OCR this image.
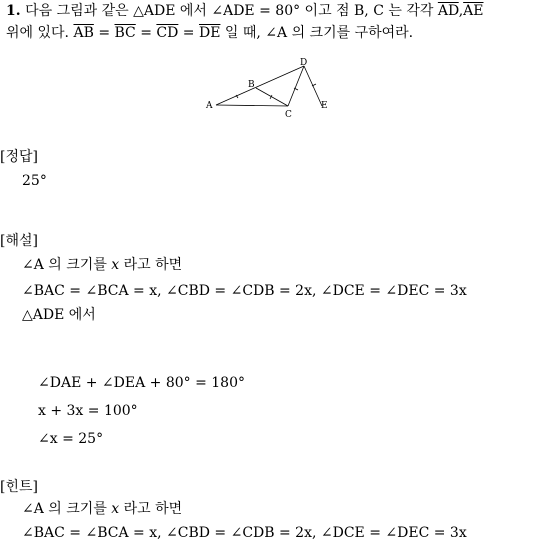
1. 다음 그림과 같은 △ADE 에서 ∠ADE = 80° 이고 점 B, C 는 각각 $\overline{AD},\overline{AE}$
위에 있다. $\overline{AB} = \overline{BC} = \overline{CD} = \overline{DE}$ 일 때, ∠A 의 크기를 구하여라.
A
B
C
D
E
[정답]
25°
[해설]
∠A 의 크기를 x 라고 하면
∠BAC = ∠BCA = x, ∠CBD = ∠CDB = 2x, ∠DCE = ∠DEC = 3x
△ADE 에서
∠DAE + ∠DEA + 80° = 180°
x + 3x = 100°
∠x = 25°
[힌트]
∠A 의 크기를 x 라고 하면
∠BAC = ∠BCA = x, ∠CBD = ∠CDB = 2x, ∠DCE = ∠DEC = 3x
